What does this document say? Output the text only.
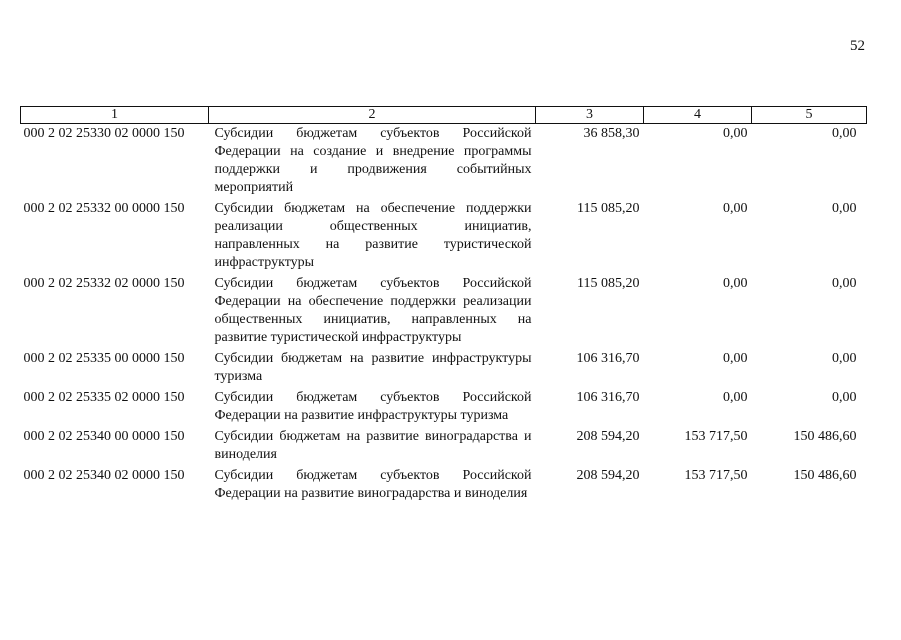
52
1	2	3	4	5
000 2 02 25330 02 0000 150	Субсидии бюджетам субъектов Российской Федерации на создание и внедрение программы поддержки и продвижения событийных мероприятий	36 858,30	0,00	0,00
000 2 02 25332 00 0000 150	Субсидии бюджетам на обеспечение поддержки реализации общественных инициатив, направленных на развитие туристической инфраструктуры	115 085,20	0,00	0,00
000 2 02 25332 02 0000 150	Субсидии бюджетам субъектов Российской Федерации на обеспечение поддержки реализации общественных инициатив, направленных на развитие туристической инфраструктуры	115 085,20	0,00	0,00
000 2 02 25335 00 0000 150	Субсидии бюджетам на развитие инфраструктуры туризма	106 316,70	0,00	0,00
000 2 02 25335 02 0000 150	Субсидии бюджетам субъектов Российской Федерации на развитие инфраструктуры туризма	106 316,70	0,00	0,00
000 2 02 25340 00 0000 150	Субсидии бюджетам на развитие виноградарства и виноделия	208 594,20	153 717,50	150 486,60
000 2 02 25340 02 0000 150	Субсидии бюджетам субъектов Российской Федерации на развитие виноградарства и виноделия	208 594,20	153 717,50	150 486,60
